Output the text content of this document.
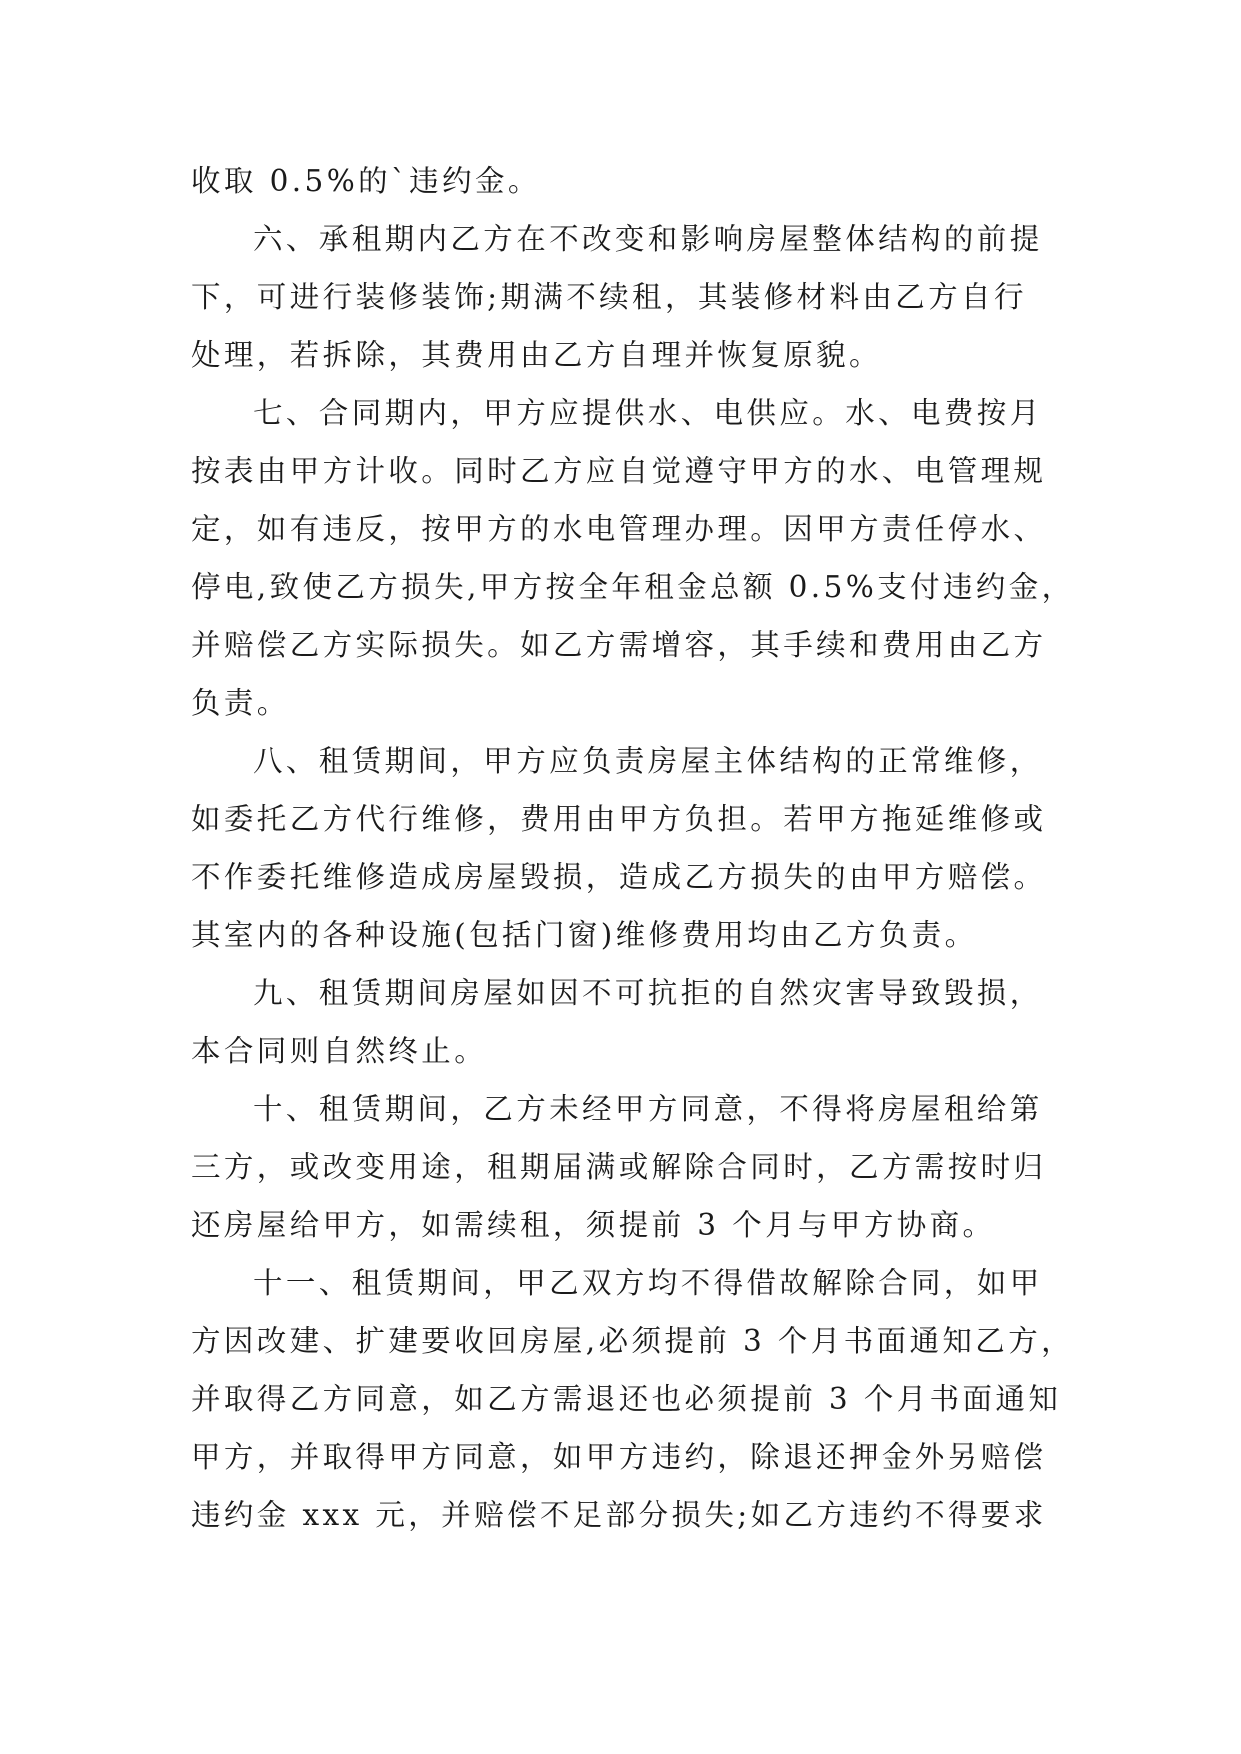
收取 0.5%的`违约金。
六、承租期内乙方在不改变和影响房屋整体结构的前提
下，可进行装修装饰;期满不续租，其装修材料由乙方自行
处理，若拆除，其费用由乙方自理并恢复原貌。
七、合同期内，甲方应提供水、电供应。水、电费按月
按表由甲方计收。同时乙方应自觉遵守甲方的水、电管理规
定，如有违反，按甲方的水电管理办理。因甲方责任停水、
停电,致使乙方损失,甲方按全年租金总额 0.5%支付违约金，
并赔偿乙方实际损失。如乙方需增容，其手续和费用由乙方
负责。
八、租赁期间，甲方应负责房屋主体结构的正常维修，
如委托乙方代行维修，费用由甲方负担。若甲方拖延维修或
不作委托维修造成房屋毁损，造成乙方损失的由甲方赔偿。
其室内的各种设施(包括门窗)维修费用均由乙方负责。
九、租赁期间房屋如因不可抗拒的自然灾害导致毁损，
本合同则自然终止。
十、租赁期间，乙方未经甲方同意，不得将房屋租给第
三方，或改变用途，租期届满或解除合同时，乙方需按时归
还房屋给甲方，如需续租，须提前 3 个月与甲方协商。
十一、租赁期间，甲乙双方均不得借故解除合同，如甲
方因改建、扩建要收回房屋,必须提前 3 个月书面通知乙方，
并取得乙方同意，如乙方需退还也必须提前 3 个月书面通知
甲方，并取得甲方同意，如甲方违约，除退还押金外另赔偿
违约金 xxx 元，并赔偿不足部分损失;如乙方违约不得要求
